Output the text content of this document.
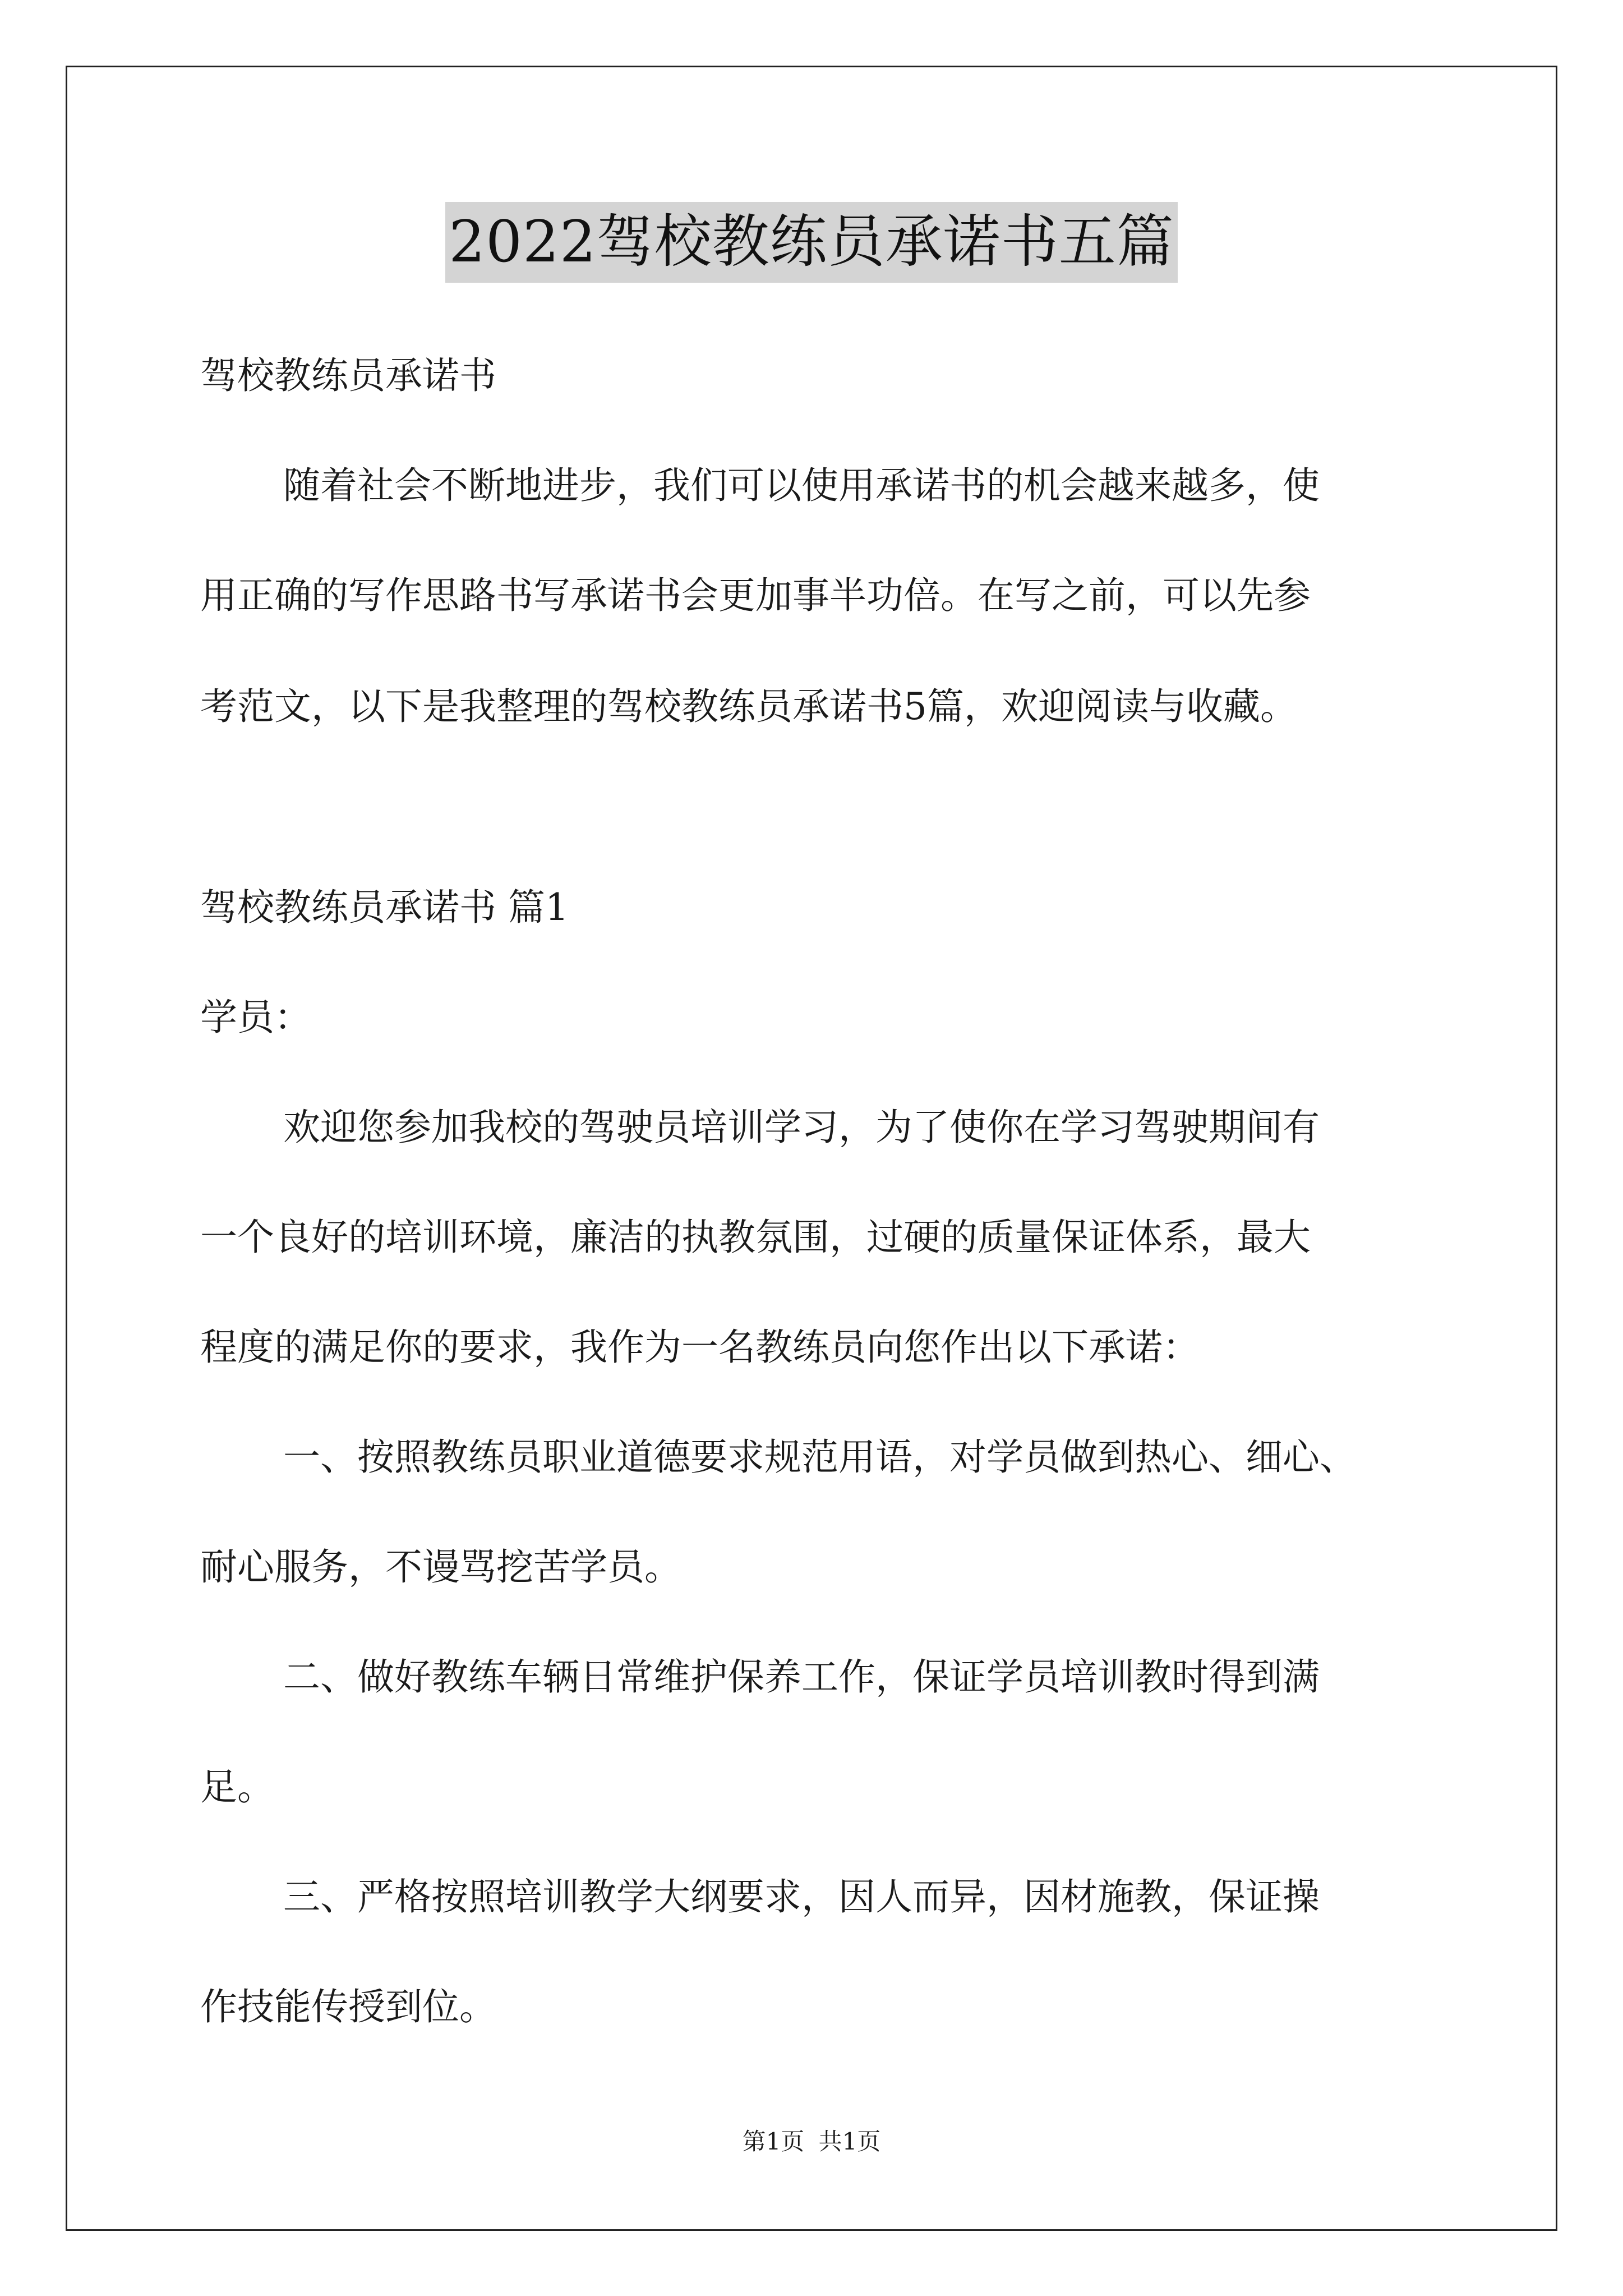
2022驾校教练员承诺书五篇
驾校教练员承诺书
随着社会不断地进步，我们可以使用承诺书的机会越来越多，使
用正确的写作思路书写承诺书会更加事半功倍。在写之前，可以先参
考范文，以下是我整理的驾校教练员承诺书5篇，欢迎阅读与收藏。
驾校教练员承诺书 篇1
学员：
欢迎您参加我校的驾驶员培训学习，为了使你在学习驾驶期间有
一个良好的培训环境，廉洁的执教氛围，过硬的质量保证体系，最大
程度的满足你的要求，我作为一名教练员向您作出以下承诺：
一、按照教练员职业道德要求规范用语，对学员做到热心、细心、
耐心服务，不谩骂挖苦学员。
二、做好教练车辆日常维护保养工作，保证学员培训教时得到满
足。
三、严格按照培训教学大纲要求，因人而异，因材施教，保证操
作技能传授到位。
第1页 共1页
